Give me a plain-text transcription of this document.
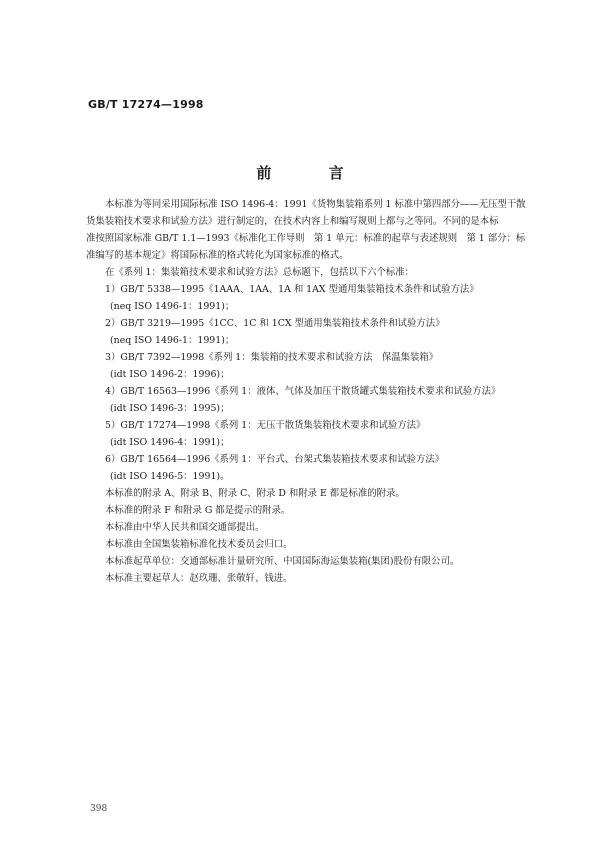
GB/T 17274—1998
前 言
本标准为等同采用国际标准 ISO 1496-4：1991《货物集装箱系列 1 标准中第四部分——无压型干散
货集装箱技术要求和试验方法》进行制定的，在技术内容上和编写规则上都与之等同。不同的是本标
准按照国家标准 GB/T 1.1—1993《标准化工作导则　第 1 单元：标准的起草与表述规则　第 1 部分：标
准编写的基本规定》将国际标准的格式转化为国家标准的格式。
在《系列 1：集装箱技术要求和试验方法》总标题下，包括以下六个标准：
1）GB/T 5338—1995《1AAA、1AA、1A 和 1AX 型通用集装箱技术条件和试验方法》
(neq ISO 1496-1：1991)；
2）GB/T 3219—1995《1CC、1C 和 1CX 型通用集装箱技术条件和试验方法》
(neq ISO 1496-1：1991)；
3）GB/T 7392—1998《系列 1：集装箱的技术要求和试验方法　保温集装箱》
(idt ISO 1496-2：1996)；
4）GB/T 16563—1996《系列 1：液体、气体及加压干散货罐式集装箱技术要求和试验方法》
(idt ISO 1496-3：1995)；
5）GB/T 17274—1998《系列 1：无压干散货集装箱技术要求和试验方法》
(idt ISO 1496-4：1991)；
6）GB/T 16564—1996《系列 1：平台式、台架式集装箱技术要求和试验方法》
(idt ISO 1496-5：1991)。
本标准的附录 A、附录 B、附录 C、附录 D 和附录 E 都是标准的附录。
本标准的附录 F 和附录 G 都是提示的附录。
本标准由中华人民共和国交通部提出。
本标准由全国集装箱标准化技术委员会归口。
本标准起草单位：交通部标准计量研究所、中国国际海运集装箱(集团)股份有限公司。
本标准主要起草人：赵玖珊、张敬轩、钱进。
398
